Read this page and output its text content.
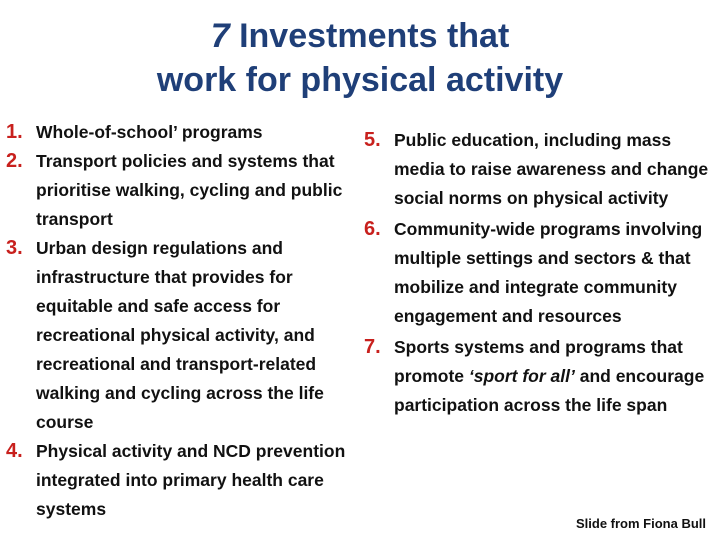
7 Investments that
work for physical activity
1. Whole-of-school’ programs
2. Transport policies and systems that prioritise walking, cycling and public transport
3. Urban design regulations and infrastructure that provides for equitable and safe access for recreational physical activity, and recreational and transport-related walking and cycling across the life course
4. Physical activity and NCD prevention integrated into primary health care systems
5. Public education, including mass media to raise awareness and change social norms on physical activity
6. Community-wide programs involving multiple settings and sectors & that mobilize and integrate community engagement and resources
7. Sports systems and programs that promote ‘sport for all’ and encourage participation across the life span
Slide from Fiona Bull
